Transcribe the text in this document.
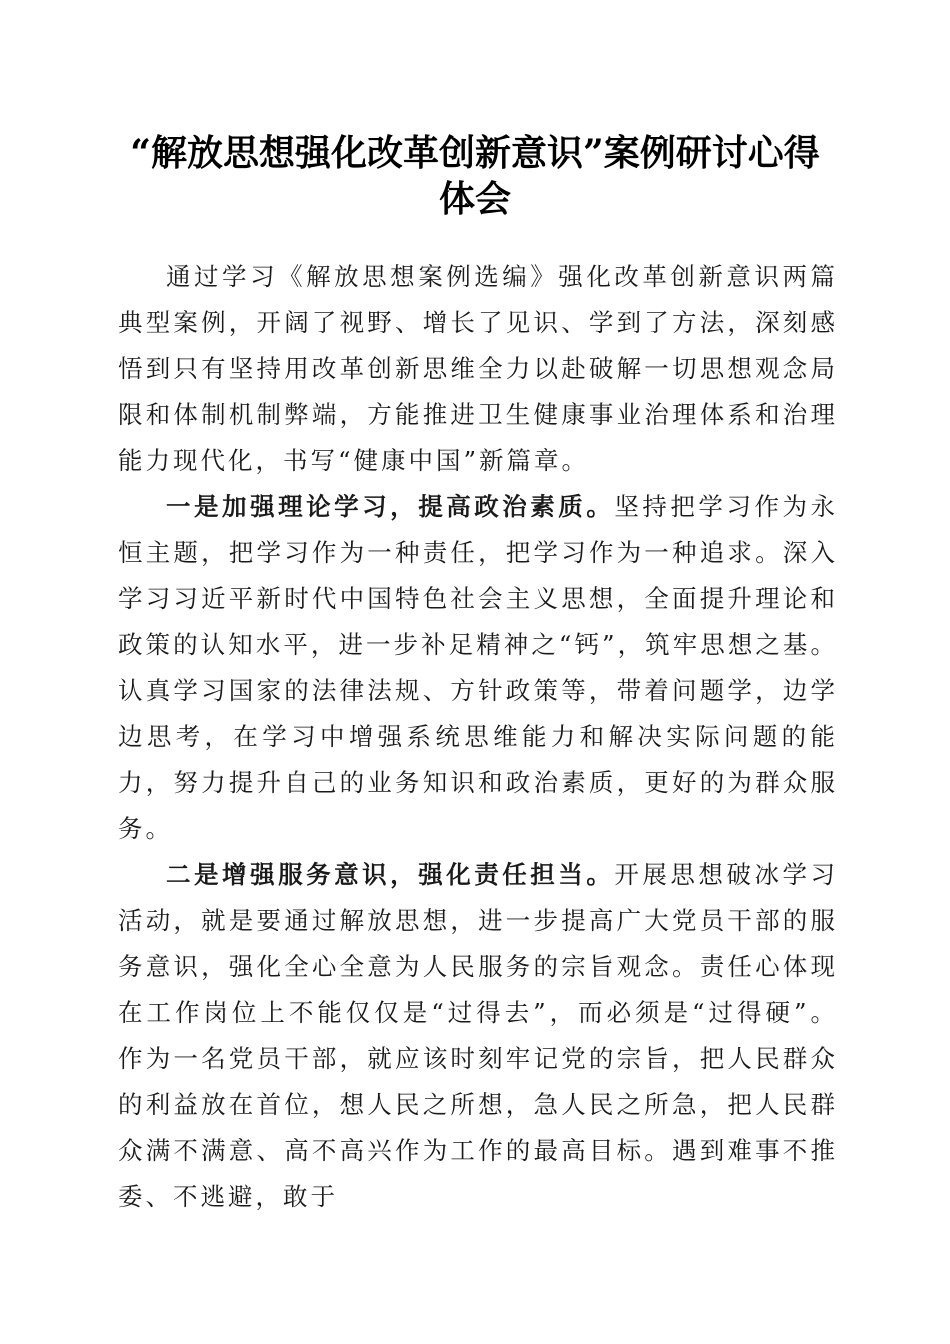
“解放思想强化改革创新意识”案例研讨心得
体会

通过学习《解放思想案例选编》强化改革创新意识两篇典型案例，开阔了视野、增长了见识、学到了方法，深刻感悟到只有坚持用改革创新思维全力以赴破解一切思想观念局限和体制机制弊端，方能推进卫生健康事业治理体系和治理能力现代化，书写“健康中国”新篇章。

一是加强理论学习，提高政治素质。坚持把学习作为永恒主题，把学习作为一种责任，把学习作为一种追求。深入学习习近平新时代中国特色社会主义思想，全面提升理论和政策的认知水平，进一步补足精神之“钙”，筑牢思想之基。认真学习国家的法律法规、方针政策等，带着问题学，边学边思考，在学习中增强系统思维能力和解决实际问题的能力，努力提升自己的业务知识和政治素质，更好的为群众服务。

二是增强服务意识，强化责任担当。开展思想破冰学习活动，就是要通过解放思想，进一步提高广大党员干部的服务意识，强化全心全意为人民服务的宗旨观念。责任心体现在工作岗位上不能仅仅是“过得去”，而必须是“过得硬”。作为一名党员干部，就应该时刻牢记党的宗旨，把人民群众的利益放在首位，想人民之所想，急人民之所急，把人民群众满不满意、高不高兴作为工作的最高目标。遇到难事不推委、不逃避，敢于
